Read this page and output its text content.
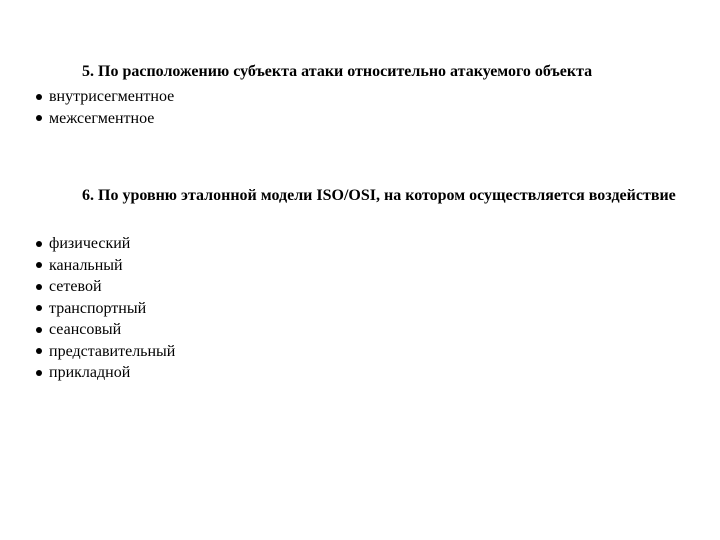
5. По расположению субъекта атаки относительно атакуемого объекта

внутрисегментное
межсегментное

6. По уровню эталонной модели ISO/OSI, на котором осуществляется воздействие

физический
канальный
сетевой
транспортный
сеансовый
представительный
прикладной
